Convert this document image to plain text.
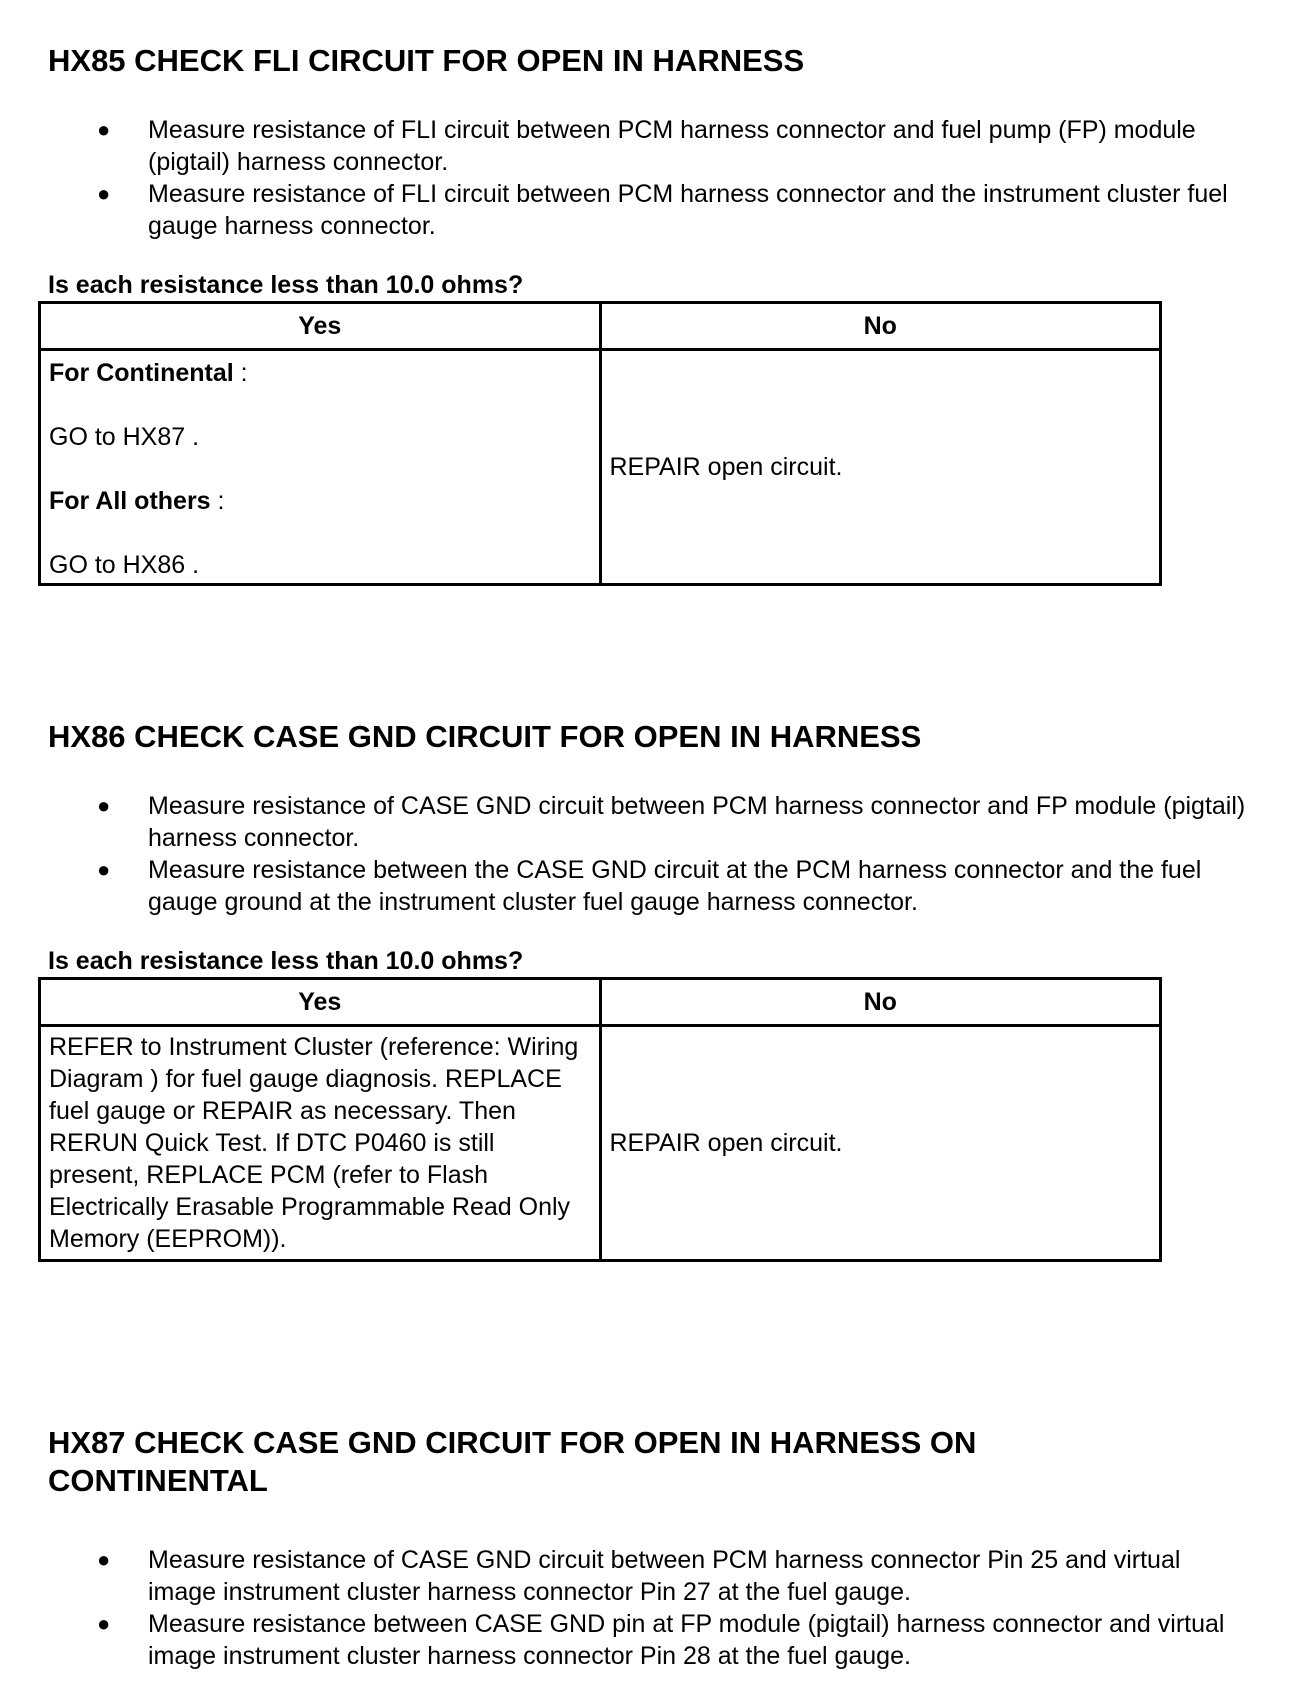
HX85 CHECK FLI CIRCUIT FOR OPEN IN HARNESS
● Measure resistance of FLI circuit between PCM harness connector and fuel pump (FP) module (pigtail) harness connector.
● Measure resistance of FLI circuit between PCM harness connector and the instrument cluster fuel gauge harness connector.

Is each resistance less than 10.0 ohms?

Yes	No

For Continental :

GO to HX87 .

For All others :

GO to HX86 .	REPAIR open circuit.
HX86 CHECK CASE GND CIRCUIT FOR OPEN IN HARNESS
● Measure resistance of CASE GND circuit between PCM harness connector and FP module (pigtail) harness connector.
● Measure resistance between the CASE GND circuit at the PCM harness connector and the fuel gauge ground at the instrument cluster fuel gauge harness connector.

Is each resistance less than 10.0 ohms?

Yes	No
REFER to Instrument Cluster (reference: Wiring Diagram ) for fuel gauge diagnosis. REPLACE fuel gauge or REPAIR as necessary. Then RERUN Quick Test. If DTC P0460 is still present, REPLACE PCM (refer to Flash Electrically Erasable Programmable Read Only Memory (EEPROM)).	REPAIR open circuit.
HX87 CHECK CASE GND CIRCUIT FOR OPEN IN HARNESS ON CONTINENTAL
● Measure resistance of CASE GND circuit between PCM harness connector Pin 25 and virtual image instrument cluster harness connector Pin 27 at the fuel gauge.
● Measure resistance between CASE GND pin at FP module (pigtail) harness connector and virtual image instrument cluster harness connector Pin 28 at the fuel gauge.
